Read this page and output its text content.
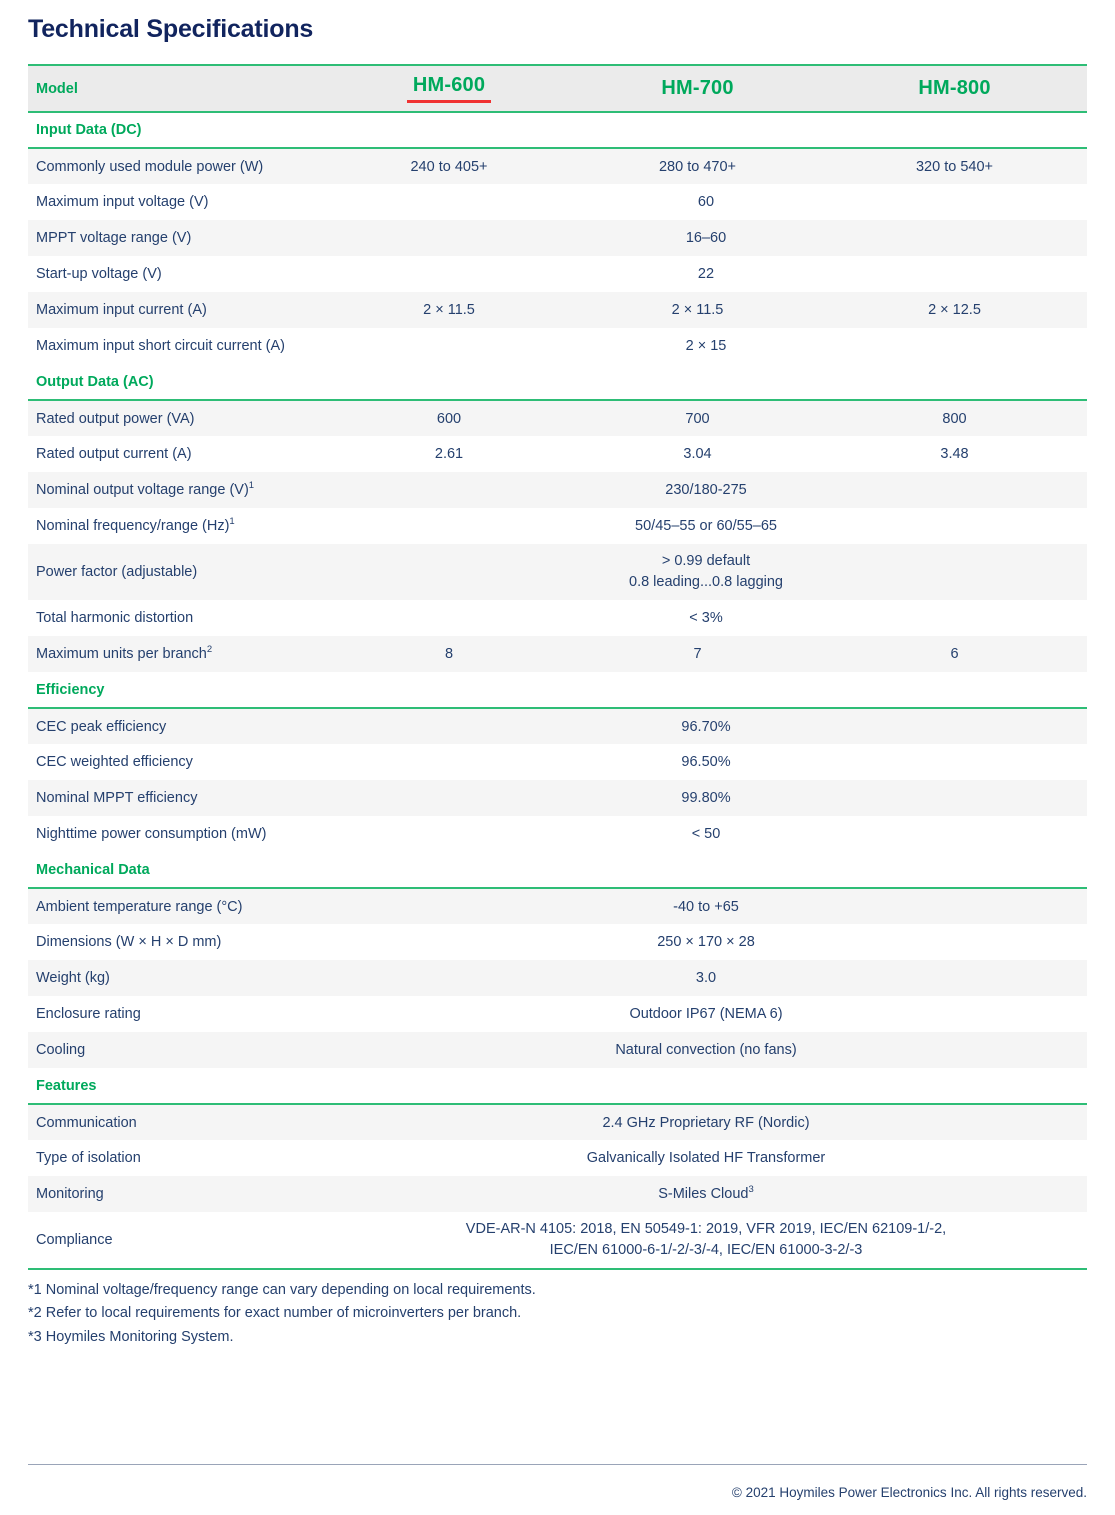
Technical Specifications
Model	HM-600	HM-700	HM-800
Input Data (DC)			
Commonly used module power (W)	240 to 405+	280 to 470+	320 to 540+
Maximum input voltage (V)	60		
MPPT voltage range (V)	16–60		
Start-up voltage (V)	22		
Maximum input current (A)	2 × 11.5	2 × 11.5	2 × 12.5
Maximum input short circuit current (A)	2 × 15		
Output Data (AC)			
Rated output power (VA)	600	700	800
Rated output current (A)	2.61	3.04	3.48
Nominal output voltage range $(V)^1$	230/180-275		
Nominal frequency/range $(Hz)^1$	50/45–55 or 60/55–65		
Power factor (adjustable)	> 0.99 default
0.8 leading...0.8 lagging		

Total harmonic distortion	< 3%		
Maximum units per branch$^2$	8	7	6
Efficiency			
CEC peak efficiency	96.70%		
CEC weighted efficiency	96.50%		
Nominal MPPT efficiency	99.80%		
Nighttime power consumption (mW)	< 50		
Mechanical Data			
Ambient temperature range (°C)	-40 to +65		
Dimensions (W × H × D mm)	250 × 170 × 28		
Weight (kg)	3.0		
Enclosure rating	Outdoor IP67 (NEMA 6)		
Cooling	Natural convection (no fans)		
Features			
Communication	2.4 GHz Proprietary RF (Nordic)		
Type of isolation	Galvanically Isolated HF Transformer		
Monitoring	S-Miles Cloud$^3$
Compliance	VDE-AR-N 4105: 2018, EN 50549-1: 2019, VFR 2019, IEC/EN 62109-1/-2,
IEC/EN 61000-6-1/-2/-3/-4, IEC/EN 61000-3-2/-3		
*1 Nominal voltage/frequency range can vary depending on local requirements.
*2 Refer to local requirements for exact number of microinverters per branch.
*3 Hoymiles Monitoring System.
© 2021 Hoymiles Power Electronics Inc. All rights reserved.
